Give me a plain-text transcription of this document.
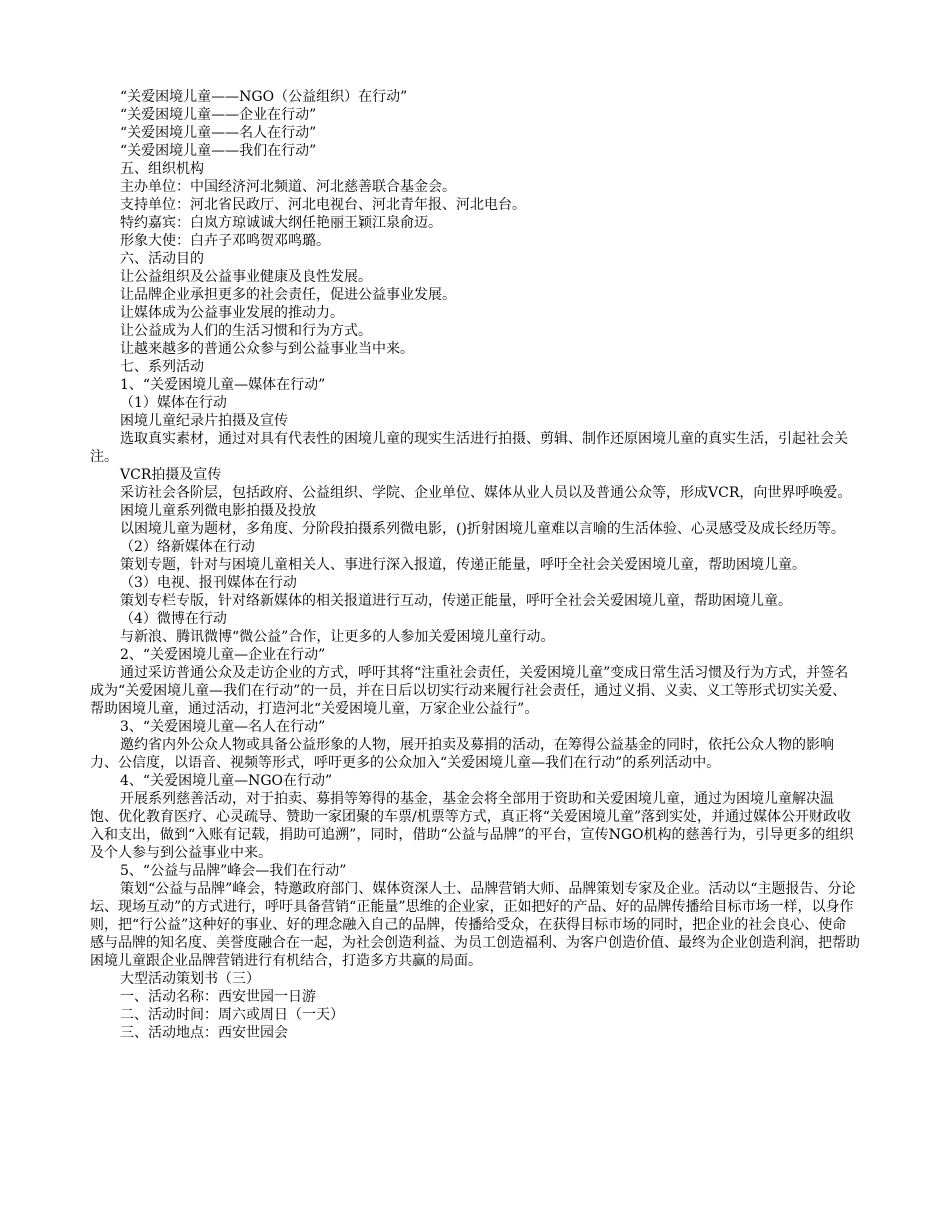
“关爱困境儿童——NGO（公益组织）在行动”

“关爱困境儿童——企业在行动”

“关爱困境儿童——名人在行动”

“关爱困境儿童——我们在行动”

五、组织机构

主办单位：中国经济河北频道、河北慈善联合基金会。

支持单位：河北省民政厅、河北电视台、河北青年报、河北电台。

特约嘉宾：白岚方琼诚诚大纲任艳丽王颖江泉俞迈。

形象大使：白卉子邓鸣贺邓鸣璐。

六、活动目的

让公益组织及公益事业健康及良性发展。

让品牌企业承担更多的社会责任，促进公益事业发展。

让媒体成为公益事业发展的推动力。

让公益成为人们的生活习惯和行为方式。

让越来越多的普通公众参与到公益事业当中来。

七、系列活动

1、“关爱困境儿童—媒体在行动”

（1）媒体在行动

困境儿童纪录片拍摄及宣传

选取真实素材，通过对具有代表性的困境儿童的现实生活进行拍摄、剪辑、制作还原困境儿童的真实生活，引起社会关注。

VCR拍摄及宣传

采访社会各阶层，包括政府、公益组织、学院、企业单位、媒体从业人员以及普通公众等，形成VCR，向世界呼唤爱。

困境儿童系列微电影拍摄及投放

以困境儿童为题材，多角度、分阶段拍摄系列微电影，()折射困境儿童难以言喻的生活体验、心灵感受及成长经历等。

（2）络新媒体在行动

策划专题，针对与困境儿童相关人、事进行深入报道，传递正能量，呼吁全社会关爱困境儿童，帮助困境儿童。

（3）电视、报刊媒体在行动

策划专栏专版，针对络新媒体的相关报道进行互动，传递正能量，呼吁全社会关爱困境儿童，帮助困境儿童。

（4）微博在行动

与新浪、腾讯微博“微公益”合作，让更多的人参加关爱困境儿童行动。

2、“关爱困境儿童—企业在行动”

通过采访普通公众及走访企业的方式，呼吁其将“注重社会责任，关爱困境儿童”变成日常生活习惯及行为方式，并签名成为“关爱困境儿童—我们在行动”的一员，并在日后以切实行动来履行社会责任，通过义捐、义卖、义工等形式切实关爱、帮助困境儿童，通过活动，打造河北“关爱困境儿童，万家企业公益行”。

3、“关爱困境儿童—名人在行动”

邀约省内外公众人物或具备公益形象的人物，展开拍卖及募捐的活动，在筹得公益基金的同时，依托公众人物的影响力、公信度，以语音、视频等形式，呼吁更多的公众加入“关爱困境儿童—我们在行动”的系列活动中。

4、“关爱困境儿童—NGO在行动”

开展系列慈善活动，对于拍卖、募捐等筹得的基金，基金会将全部用于资助和关爱困境儿童，通过为困境儿童解决温饱、优化教育医疗、心灵疏导、赞助一家团聚的车票/机票等方式，真正将“关爱困境儿童”落到实处，并通过媒体公开财政收入和支出，做到“入账有记载，捐助可追溯”，同时，借助“公益与品牌”的平台，宣传NGO机构的慈善行为，引导更多的组织及个人参与到公益事业中来。

5、“公益与品牌”峰会—我们在行动”

策划“公益与品牌”峰会，特邀政府部门、媒体资深人士、品牌营销大师、品牌策划专家及企业。活动以“主题报告、分论坛、现场互动”的方式进行，呼吁具备营销“正能量”思维的企业家，正如把好的产品、好的品牌传播给目标市场一样，以身作则，把“行公益”这种好的事业、好的理念融入自己的品牌，传播给受众，在获得目标市场的同时，把企业的社会良心、使命感与品牌的知名度、美誉度融合在一起，为社会创造利益、为员工创造福利、为客户创造价值、最终为企业创造利润，把帮助困境儿童跟企业品牌营销进行有机结合，打造多方共赢的局面。

大型活动策划书（三）

一、活动名称：西安世园一日游

二、活动时间：周六或周日（一天）

三、活动地点：西安世园会
